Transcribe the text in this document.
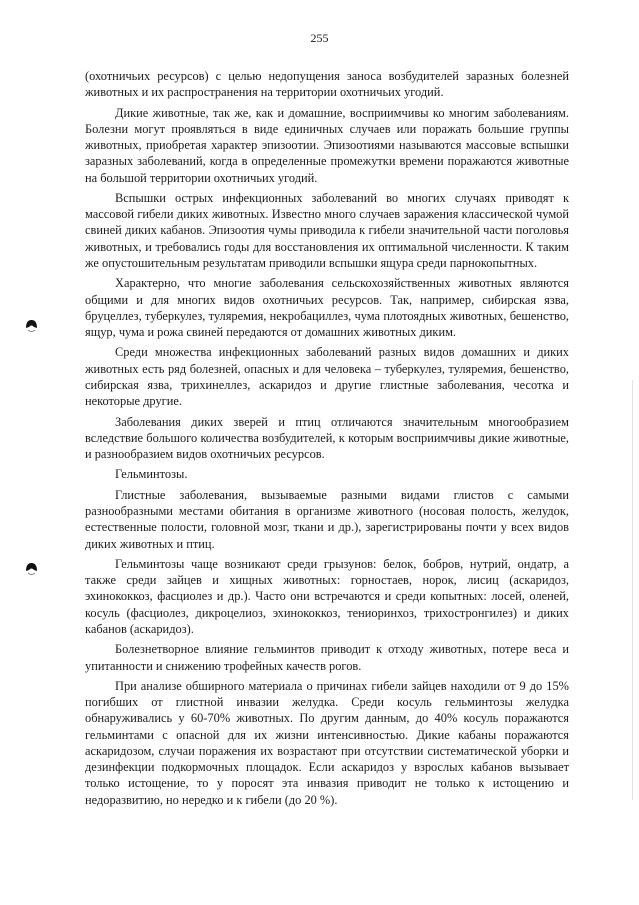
255

(охотничьих ресурсов) с целью недопущения заноса возбудителей заразных болезней животных и их распространения на территории охотничьих угодий.

Дикие животные, так же, как и домашние, восприимчивы ко многим заболеваниям. Болезни могут проявляться в виде единичных случаев или поражать большие группы животных, приобретая характер эпизоотии. Эпизоотиями называются массовые вспышки заразных заболеваний, когда в определенные промежутки времени поражаются животные на большой территории охотничьих угодий.

Вспышки острых инфекционных заболеваний во многих случаях приводят к массовой гибели диких животных. Известно много случаев заражения классической чумой свиней диких кабанов. Эпизоотия чумы приводила к гибели значительной части поголовья животных, и требовались годы для восстановления их оптимальной численности. К таким же опустошительным результатам приводили вспышки ящура среди парнокопытных.

Характерно, что многие заболевания сельскохозяйственных животных являются общими и для многих видов охотничьих ресурсов. Так, например, сибирская язва, бруцеллез, туберкулез, туляремия, некробациллез, чума плотоядных животных, бешенство, ящур, чума и рожа свиней передаются от домашних животных диким.

Среди множества инфекционных заболеваний разных видов домашних и диких животных есть ряд болезней, опасных и для человека – туберкулез, туляремия, бешенство, сибирская язва, трихинеллез, аскаридоз и другие глистные заболевания, чесотка и некоторые другие.

Заболевания диких зверей и птиц отличаются значительным многообразием вследствие большого количества возбудителей, к которым восприимчивы дикие животные, и разнообразием видов охотничьих ресурсов.

Гельминтозы.

Глистные заболевания, вызываемые разными видами глистов с самыми разнообразными местами обитания в организме животного (носовая полость, желудок, естественные полости, головной мозг, ткани и др.), зарегистрированы почти у всех видов диких животных и птиц.

Гельминтозы чаще возникают среди грызунов: белок, бобров, нутрий, ондатр, а также среди зайцев и хищных животных: горностаев, норок, лисиц (аскаридоз, эхинококкоз, фасциолез и др.). Часто они встречаются и среди копытных: лосей, оленей, косуль (фасциолез, дикроцелиоз, эхинококкоз, тениоринхоз, трихостронгилез) и диких кабанов (аскаридоз).

Болезнетворное влияние гельминтов приводит к отходу животных, потере веса и упитанности и снижению трофейных качеств рогов.

При анализе обширного материала о причинах гибели зайцев находили от 9 до 15% погибших от глистной инвазии желудка. Среди косуль гельминтозы желудка обнаруживались у 60-70% животных. По другим данным, до 40% косуль поражаются гельминтами с опасной для их жизни интенсивностью. Дикие кабаны поражаются аскаридозом, случаи поражения их возрастают при отсутствии систематической уборки и дезинфекции подкормочных площадок. Если аскаридоз у взрослых кабанов вызывает только истощение, то у поросят эта инвазия приводит не только к истощению и недоразвитию, но нередко и к гибели (до 20 %).
